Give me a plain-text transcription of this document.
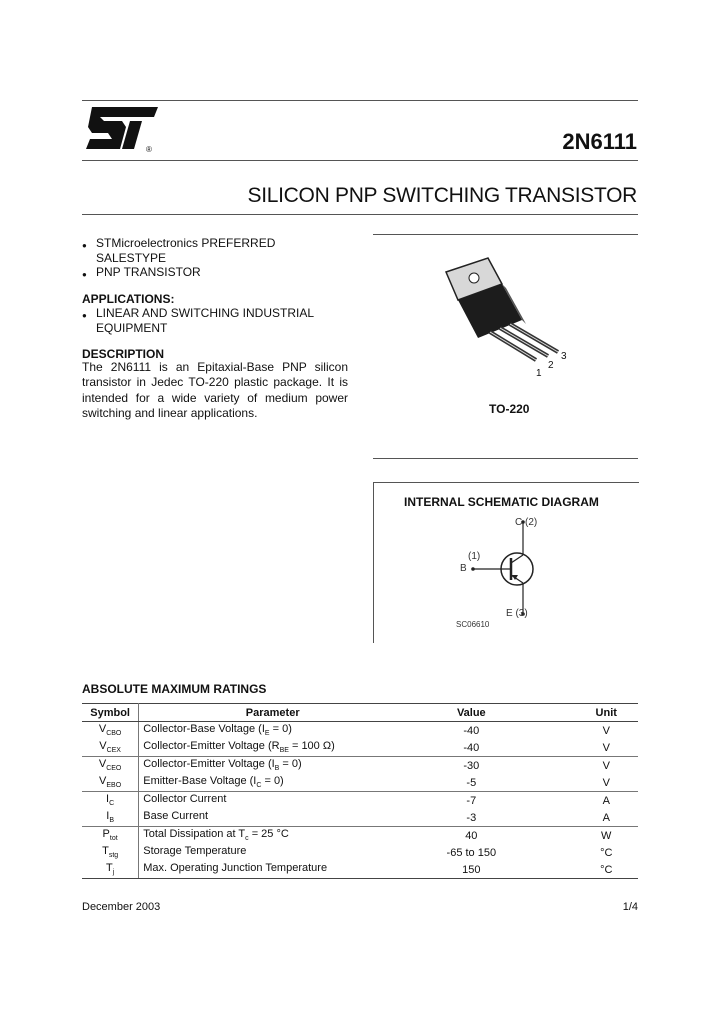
®	2N6111
SILICON PNP SWITCHING TRANSISTOR
● STMicroelectronics PREFERRED
SALESTYPE
● PNP TRANSISTOR
APPLICATIONS:
● LINEAR AND SWITCHING INDUSTRIAL
EQUIPMENT
DESCRIPTION
The 2N6111 is an Epitaxial-Base PNP silicon transistor in Jedec TO-220 plastic package. It is intended for a wide variety of medium power switching and linear applications.
1
2
3
TO-220
INTERNAL SCHEMATIC DIAGRAM
C (2)
(1)
B
E (3)
SC06610
ABSOLUTE MAXIMUM RATINGS
Symbol	Parameter	Value	Unit
$V_{CBO}$	Collector-Base Voltage $(I_E = 0)$	-40	V
$V_{CEX}$	Collector-Emitter Voltage ($R_{BE} = 100$ Ω)	-40	V
$V_{CEO}$	Collector-Emitter Voltage $(I_B = 0)$	-30	V
$V_{EBO}$	Emitter-Base Voltage $(I_C = 0)$	-5	V
$I_C$	Collector Current	-7	A
$I_B$	Base Current	-3	A
$P_{tot}$	Total Dissipation at $T_c = 25$ °C	40	W
$T_{stg}$	Storage Temperature	-65 to 150	°C
$T_j$	Max. Operating Junction Temperature	150	°C
December 2003	1/4
